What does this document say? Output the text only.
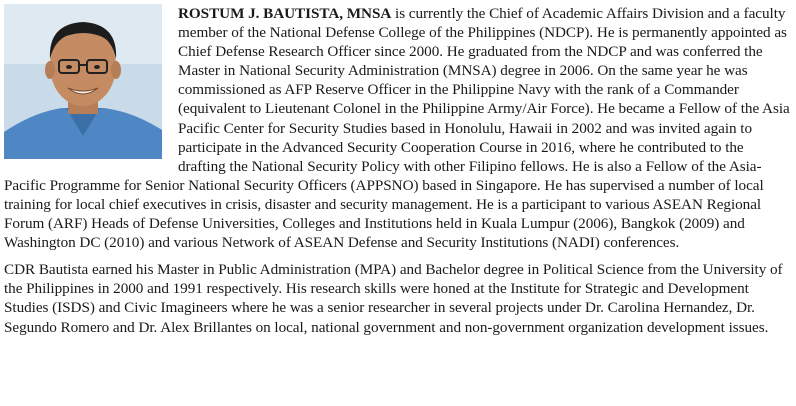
ROSTUM J. BAUTISTA, MNSA is currently the Chief of Academic Affairs Division and a faculty member of the National Defense College of the Philippines (NDCP). He is permanently appointed as Chief Defense Research Officer since 2000. He graduated from the NDCP and was conferred the Master in National Security Administration (MNSA) degree in 2006. On the same year he was commissioned as AFP Reserve Officer in the Philippine Navy with the rank of a Commander (equivalent to Lieutenant Colonel in the Philippine Army/Air Force). He became a Fellow of the Asia Pacific Center for Security Studies based in Honolulu, Hawaii in 2002 and was invited again to participate in the Advanced Security Cooperation Course in 2016, where he contributed to the drafting the National Security Policy with other Filipino fellows. He is also a Fellow of the Asia-Pacific Programme for Senior National Security Officers (APPSNO) based in Singapore. He has supervised a number of local training for local chief executives in crisis, disaster and security management. He is a participant to various ASEAN Regional Forum (ARF) Heads of Defense Universities, Colleges and Institutions held in Kuala Lumpur (2006), Bangkok (2009) and Washington DC (2010) and various Network of ASEAN Defense and Security Institutions (NADI) conferences.

CDR Bautista earned his Master in Public Administration (MPA) and Bachelor degree in Political Science from the University of the Philippines in 2000 and 1991 respectively. His research skills were honed at the Institute for Strategic and Development Studies (ISDS) and Civic Imagineers where he was a senior researcher in several projects under Dr. Carolina Hernandez, Dr. Segundo Romero and Dr. Alex Brillantes on local, national government and non-government organization development issues.
